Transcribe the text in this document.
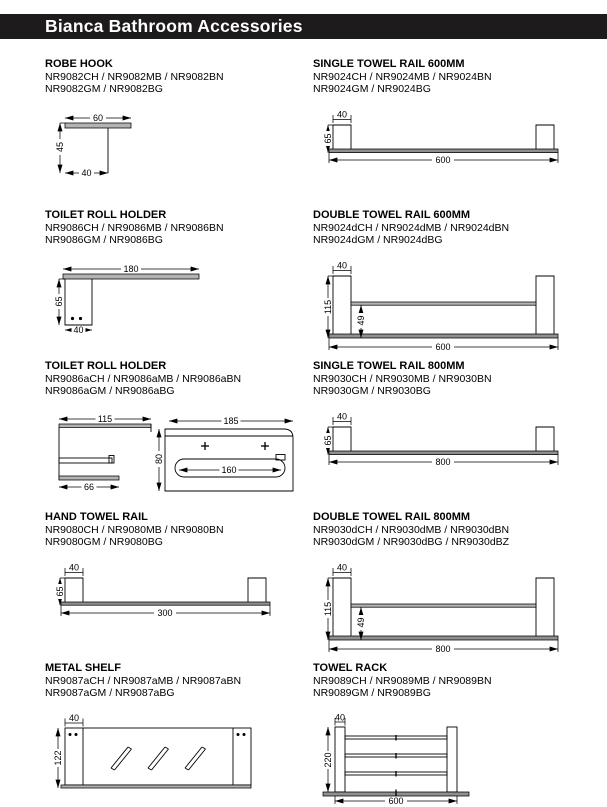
Bianca Bathroom Accessories
ROBE HOOK
NR9082CH / NR9082MB / NR9082BN
NR9082GM / NR9082BG
60
45
40
SINGLE TOWEL RAIL 600MM
NR9024CH / NR9024MB / NR9024BN
NR9024GM / NR9024BG
40
65
600
TOILET ROLL HOLDER
NR9086CH / NR9086MB / NR9086BN
NR9086GM / NR9086BG
180
65
40
DOUBLE TOWEL RAIL 600MM
NR9024dCH / NR9024dMB / NR9024dBN
NR9024dGM / NR9024dBG
40
115
49
600
TOILET ROLL HOLDER
NR9086aCH / NR9086aMB / NR9086aBN
NR9086aGM / NR9086aBG
115
66
185
80
160
SINGLE TOWEL RAIL 800MM
NR9030CH / NR9030MB / NR9030BN
NR9030GM / NR9030BG
40
65
800
HAND TOWEL RAIL
NR9080CH / NR9080MB / NR9080BN
NR9080GM / NR9080BG
40
65
300
DOUBLE TOWEL RAIL 800MM
NR9030dCH / NR9030dMB / NR9030dBN
NR9030dGM / NR9030dBG / NR9030dBZ
40
115
49
800
METAL SHELF
NR9087aCH / NR9087aMB / NR9087aBN
NR9087aGM / NR9087aBG
40
122
TOWEL RACK
NR9089CH / NR9089MB / NR9089BN
NR9089GM / NR9089BG
40
220
600
